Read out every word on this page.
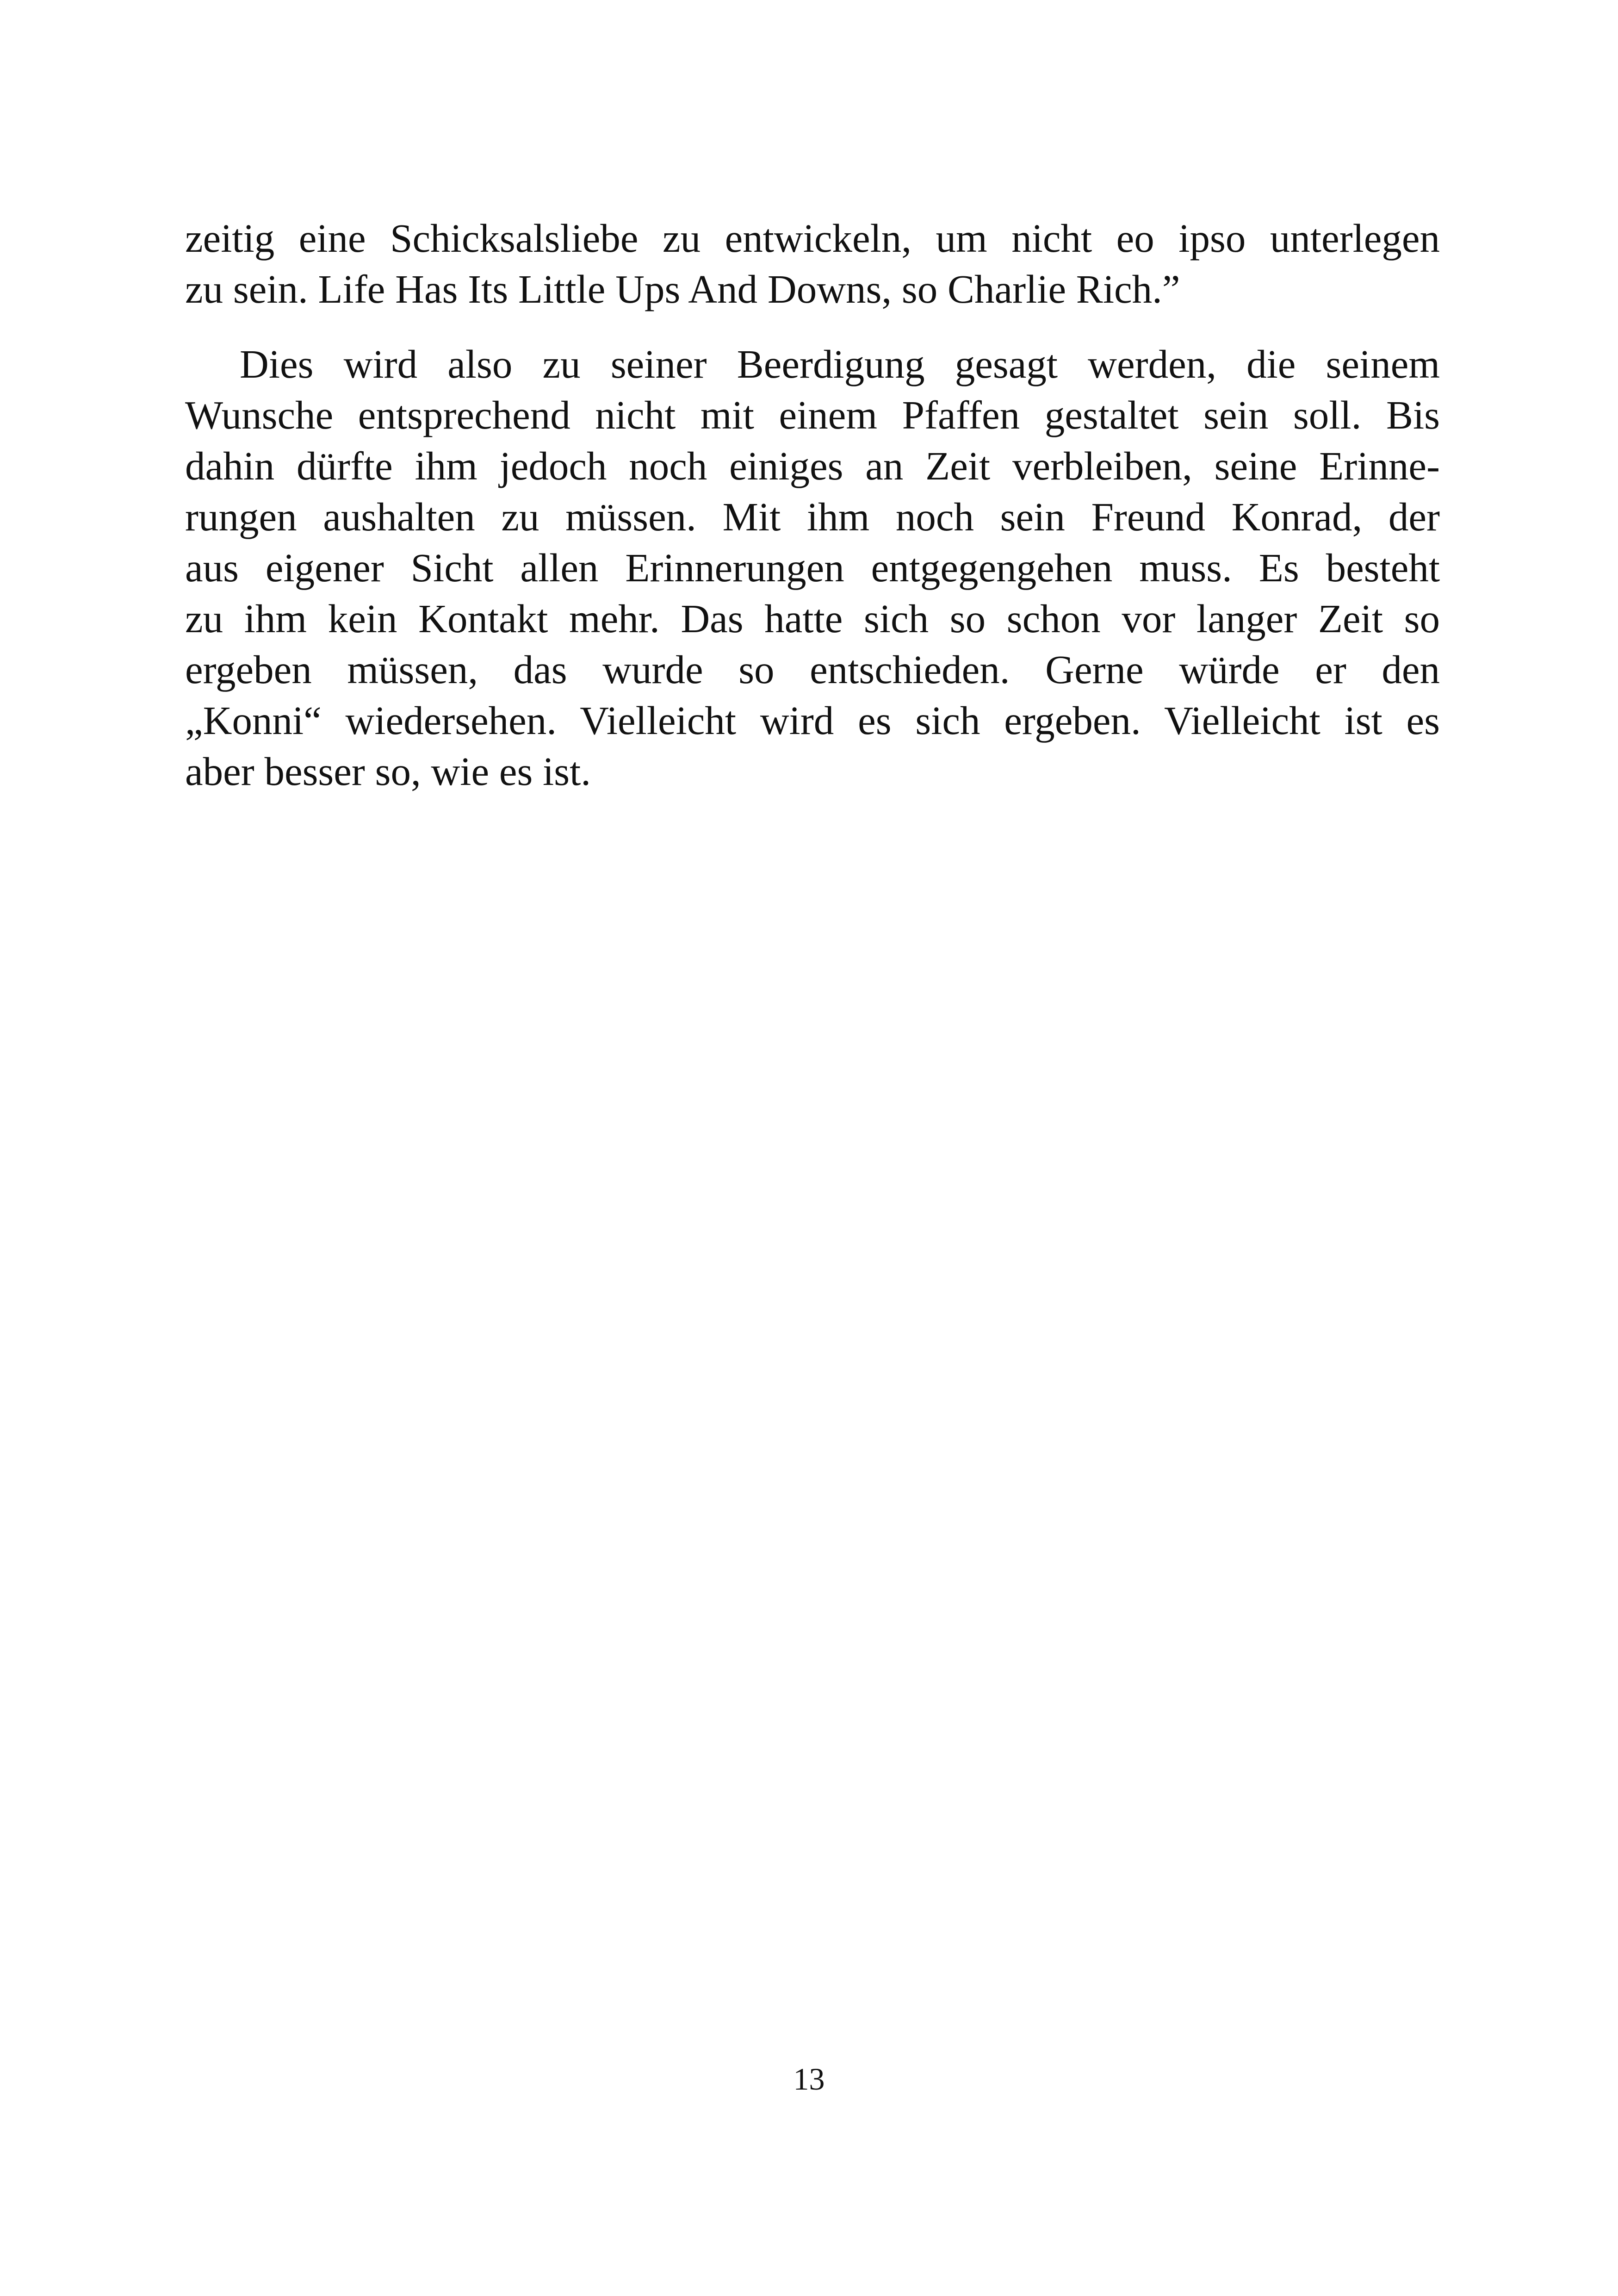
zeitig eine Schicksalsliebe zu entwickeln, um nicht eo ipso unterlegen
zu sein. Life Has Its Little Ups And Downs, so Charlie Rich.”
Dies wird also zu seiner Beerdigung gesagt werden, die seinem
Wunsche entsprechend nicht mit einem Pfaffen gestaltet sein soll. Bis
dahin dürfte ihm jedoch noch einiges an Zeit verbleiben, seine Erinne-
rungen aushalten zu müssen. Mit ihm noch sein Freund Konrad, der
aus eigener Sicht allen Erinnerungen entgegengehen muss. Es besteht
zu ihm kein Kontakt mehr. Das hatte sich so schon vor langer Zeit so
ergeben müssen, das wurde so entschieden. Gerne würde er den
„Konni“ wiedersehen. Vielleicht wird es sich ergeben. Vielleicht ist es
aber besser so, wie es ist.
13
